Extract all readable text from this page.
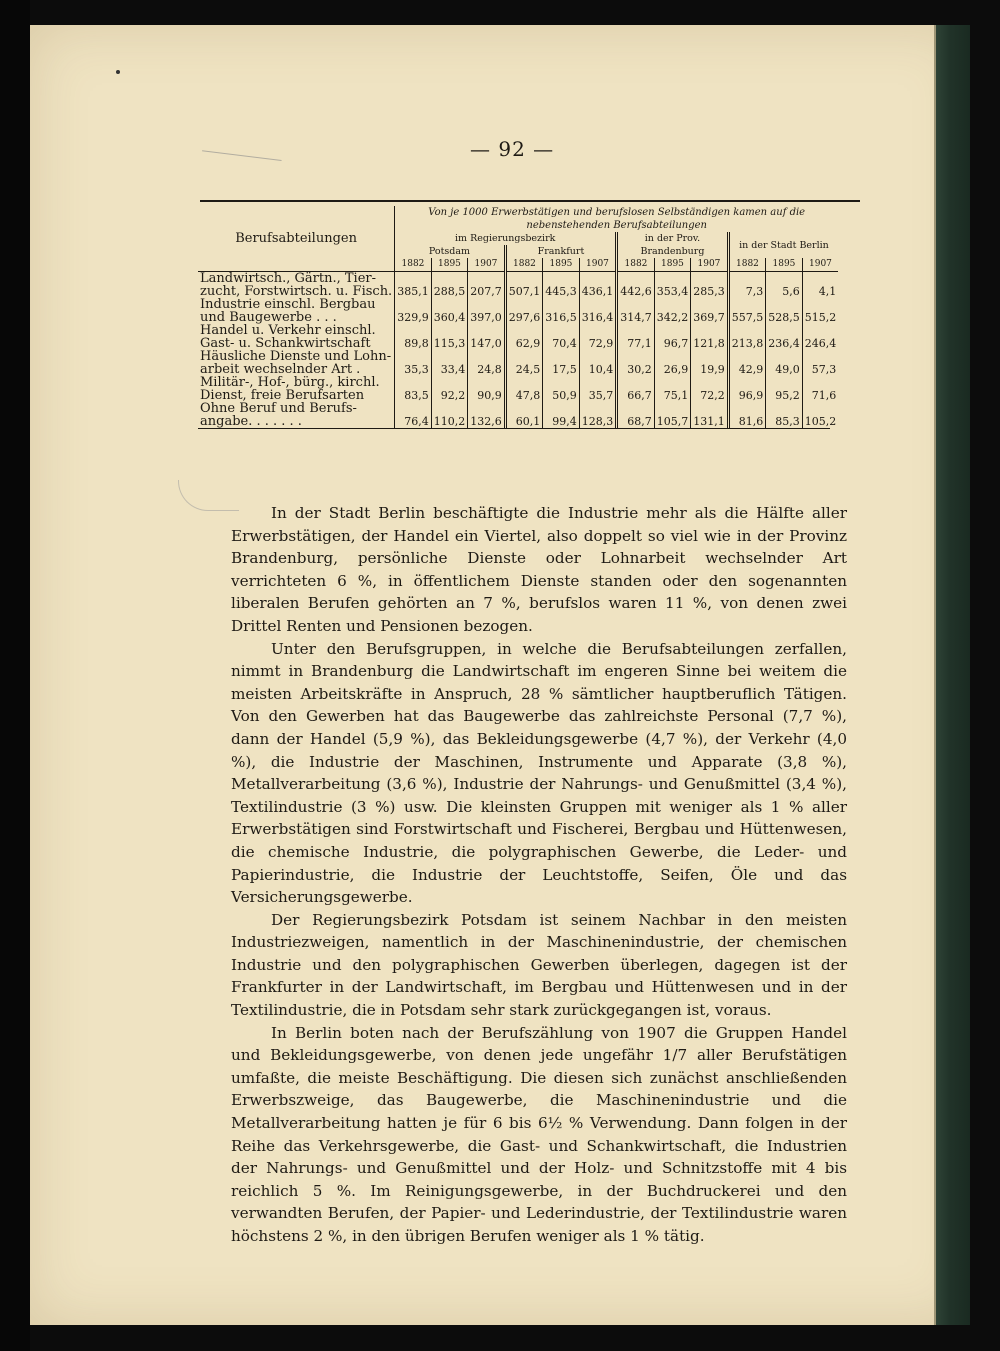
— 92 —
Berufsabteilungen	Von je 1000 Erwerbstätigen und berufslosen Selbständigen kamen auf die nebenstehenden Berufsabteilungen											
	im Regierungsbezirk						in der Prov. Brandenburg			in der Stadt Berlin		
	Potsdam			Frankfurt								
	1882	1895	1907	1882	1895	1907	1882	1895	1907	1882	1895	1907

Landwirtsch., Gärtn., Tier-
zucht, Forstwirtsch. u. Fisch.	385,1	288,5	207,7	507,1	445,3	436,1	442,6	353,4	285,3	7,3	5,6	4,1

Industrie einschl. Bergbau
und Baugewerbe . . .	329,9	360,4	397,0	297,6	316,5	316,4	314,7	342,2	369,7	557,5	528,5	515,2

Handel u. Verkehr einschl.
Gast- u. Schankwirtschaft	89,8	115,3	147,0	62,9	70,4	72,9	77,1	96,7	121,8	213,8	236,4	246,4

Häusliche Dienste und Lohn-
arbeit wechselnder Art .	35,3	33,4	24,8	24,5	17,5	10,4	30,2	26,9	19,9	42,9	49,0	57,3

Militär-, Hof-, bürg., kirchl.
Dienst, freie Berufsarten	83,5	92,2	90,9	47,8	50,9	35,7	66,7	75,1	72,2	96,9	95,2	71,6

Ohne Beruf und Berufs-
angabe. . . . . . .	76,4	110,2	132,6	60,1	99,4	128,3	68,7	105,7	131,1	81,6	85,3	105,2

In der Stadt Berlin beschäftigte die Industrie mehr als die Hälfte aller Erwerbstätigen, der Handel ein Viertel, also doppelt so viel wie in der Provinz Brandenburg, persönliche Dienste oder Lohnarbeit wechselnder Art verrichteten 6 %, in öffentlichem Dienste standen oder den sogenannten liberalen Berufen gehörten an 7 %, berufslos waren 11 %, von denen zwei Drittel Renten und Pensionen bezogen.

Unter den Berufsgruppen, in welche die Berufsabteilungen zerfallen, nimmt in Brandenburg die Landwirtschaft im engeren Sinne bei weitem die meisten Arbeitskräfte in Anspruch, 28 % sämtlicher hauptberuflich Tätigen. Von den Gewerben hat das Baugewerbe das zahlreichste Personal (7,7 %), dann der Handel (5,9 %), das Bekleidungsgewerbe (4,7 %), der Verkehr (4,0 %), die Industrie der Maschinen, Instrumente und Apparate (3,8 %), Metallverarbeitung (3,6 %), Industrie der Nahrungs- und Genußmittel (3,4 %), Textilindustrie (3 %) usw. Die kleinsten Gruppen mit weniger als 1 % aller Erwerbstätigen sind Forstwirtschaft und Fischerei, Bergbau und Hüttenwesen, die chemische Industrie, die polygraphischen Gewerbe, die Leder- und Papierindustrie, die Industrie der Leuchtstoffe, Seifen, Öle und das Versicherungsgewerbe.

Der Regierungsbezirk Potsdam ist seinem Nachbar in den meisten Industriezweigen, namentlich in der Maschinenindustrie, der chemischen Industrie und den polygraphischen Gewerben überlegen, dagegen ist der Frankfurter in der Landwirtschaft, im Bergbau und Hüttenwesen und in der Textilindustrie, die in Potsdam sehr stark zurückgegangen ist, voraus.

In Berlin boten nach der Berufszählung von 1907 die Gruppen Handel und Bekleidungsgewerbe, von denen jede ungefähr 1/7 aller Berufstätigen umfaßte, die meiste Beschäftigung. Die diesen sich zunächst anschließenden Erwerbszweige, das Baugewerbe, die Maschinenindustrie und die Metallverarbeitung hatten je für 6 bis 6½ % Verwendung. Dann folgen in der Reihe das Verkehrsgewerbe, die Gast- und Schankwirtschaft, die Industrien der Nahrungs- und Genußmittel und der Holz- und Schnitzstoffe mit 4 bis reichlich 5 %. Im Reinigungsgewerbe, in der Buchdruckerei und den verwandten Berufen, der Papier- und Lederindustrie, der Textilindustrie waren höchstens 2 %, in den übrigen Berufen weniger als 1 % tätig.
